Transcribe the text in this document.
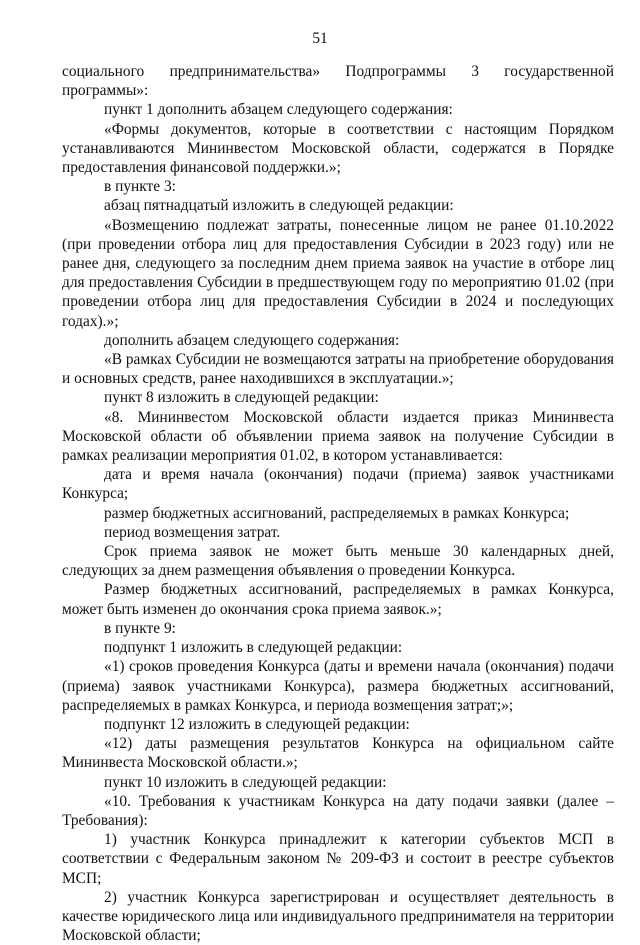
51

социального предпринимательства» Подпрограммы 3 государственной программы»:

пункт 1 дополнить абзацем следующего содержания:

«Формы документов, которые в соответствии с настоящим Порядком устанавливаются Мининвестом Московской области, содержатся в Порядке предоставления финансовой поддержки.»;

в пункте 3:

абзац пятнадцатый изложить в следующей редакции:

«Возмещению подлежат затраты, понесенные лицом не ранее 01.10.2022 (при проведении отбора лиц для предоставления Субсидии в 2023 году) или не ранее дня, следующего за последним днем приема заявок на участие в отборе лиц для предоставления Субсидии в предшествующем году по мероприятию 01.02 (при проведении отбора лиц для предоставления Субсидии в 2024 и последующих годах).»;

дополнить абзацем следующего содержания:

«В рамках Субсидии не возмещаются затраты на приобретение оборудования и основных средств, ранее находившихся в эксплуатации.»;

пункт 8 изложить в следующей редакции:

«8. Мининвестом Московской области издается приказ Мининвеста Московской области об объявлении приема заявок на получение Субсидии в рамках реализации мероприятия 01.02, в котором устанавливается:

дата и время начала (окончания) подачи (приема) заявок участниками Конкурса;

размер бюджетных ассигнований, распределяемых в рамках Конкурса;

период возмещения затрат.

Срок приема заявок не может быть меньше 30 календарных дней, следующих за днем размещения объявления о проведении Конкурса.

Размер бюджетных ассигнований, распределяемых в рамках Конкурса, может быть изменен до окончания срока приема заявок.»;

в пункте 9:

подпункт 1 изложить в следующей редакции:

«1) сроков проведения Конкурса (даты и времени начала (окончания) подачи (приема) заявок участниками Конкурса), размера бюджетных ассигнований, распределяемых в рамках Конкурса, и периода возмещения затрат;»;

подпункт 12 изложить в следующей редакции:

«12) даты размещения результатов Конкурса на официальном сайте Мининвеста Московской области.»;

пункт 10 изложить в следующей редакции:

«10. Требования к участникам Конкурса на дату подачи заявки (далее – Требования):

1) участник Конкурса принадлежит к категории субъектов МСП в соответствии с Федеральным законом № 209-ФЗ и состоит в реестре субъектов МСП;

2) участник Конкурса зарегистрирован и осуществляет деятельность в качестве юридического лица или индивидуального предпринимателя на территории Московской области;
